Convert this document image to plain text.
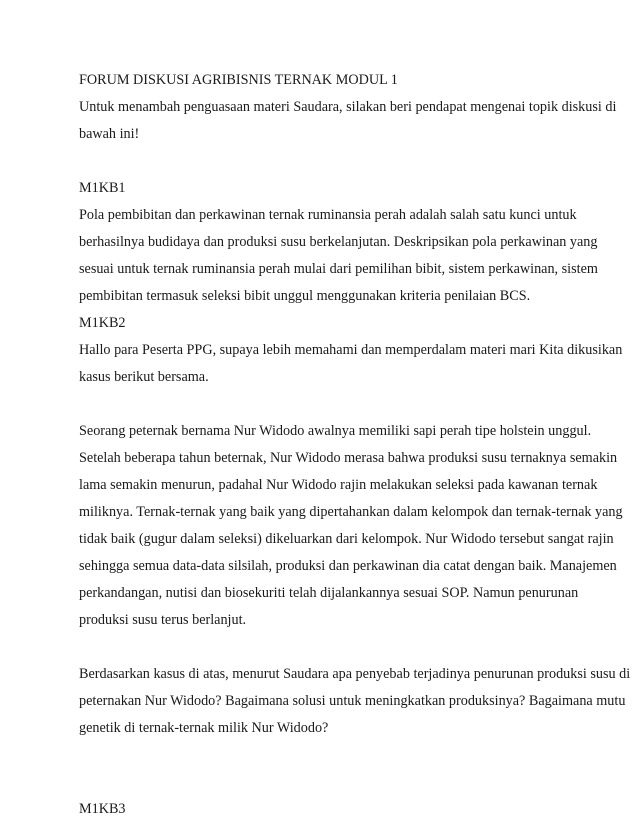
FORUM DISKUSI AGRIBISNIS TERNAK MODUL 1
Untuk menambah penguasaan materi Saudara, silakan beri pendapat mengenai topik diskusi di
bawah ini!
M1KB1
Pola pembibitan dan perkawinan ternak ruminansia perah adalah salah satu kunci untuk
berhasilnya budidaya dan produksi susu berkelanjutan. Deskripsikan pola perkawinan yang
sesuai untuk ternak ruminansia perah mulai dari pemilihan bibit, sistem perkawinan, sistem
pembibitan termasuk seleksi bibit unggul menggunakan kriteria penilaian BCS.
M1KB2
Hallo para Peserta PPG, supaya lebih memahami dan memperdalam materi mari Kita dikusikan
kasus berikut bersama.
Seorang peternak bernama Nur Widodo awalnya memiliki sapi perah tipe holstein unggul.
Setelah beberapa tahun beternak, Nur Widodo merasa bahwa produksi susu ternaknya semakin
lama semakin menurun, padahal Nur Widodo rajin melakukan seleksi pada kawanan ternak
miliknya. Ternak-ternak yang baik yang dipertahankan dalam kelompok dan ternak-ternak yang
tidak baik (gugur dalam seleksi) dikeluarkan dari kelompok. Nur Widodo tersebut sangat rajin
sehingga semua data-data silsilah, produksi dan perkawinan dia catat dengan baik. Manajemen
perkandangan, nutisi dan biosekuriti telah dijalankannya sesuai SOP. Namun penurunan
produksi susu terus berlanjut.
Berdasarkan kasus di atas, menurut Saudara apa penyebab terjadinya penurunan produksi susu di
peternakan Nur Widodo? Bagaimana solusi untuk meningkatkan produksinya? Bagaimana mutu
genetik di ternak-ternak milik Nur Widodo?
M1KB3
